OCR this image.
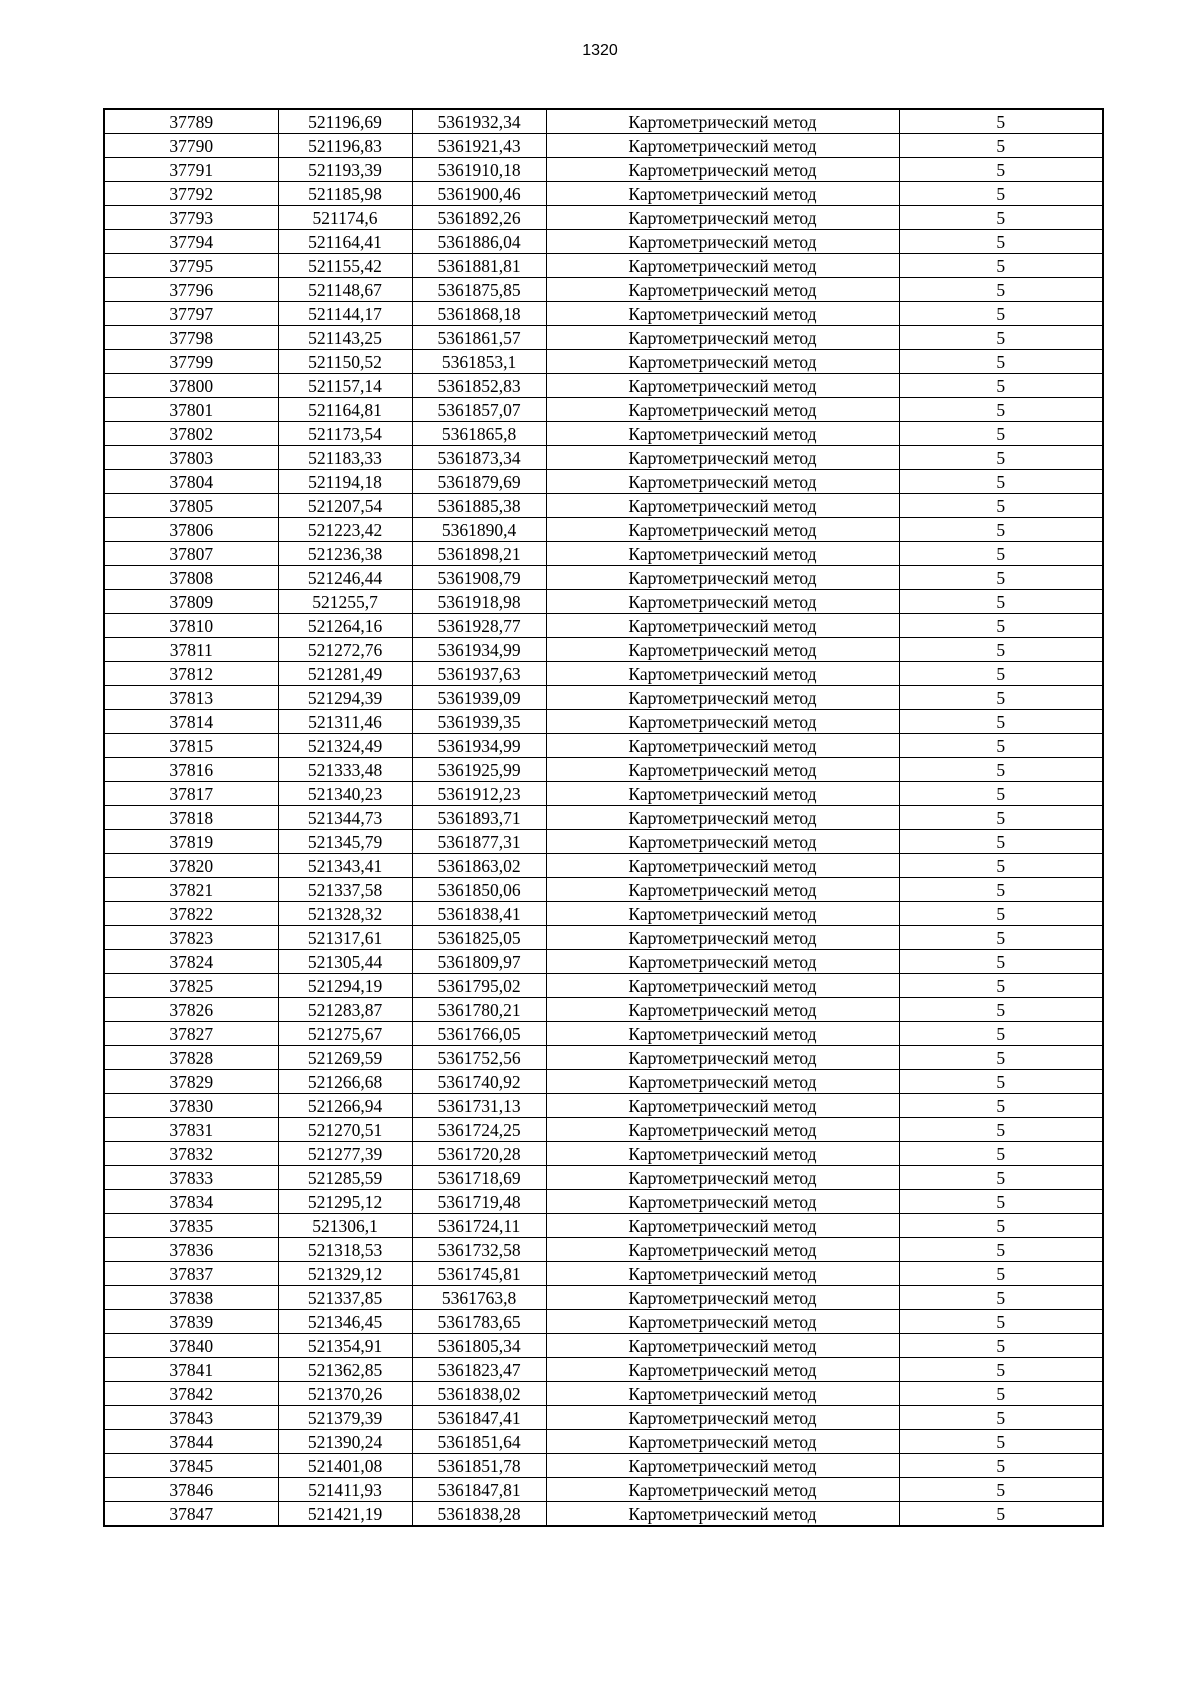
1320
37789	521196,69	5361932,34	Картометрический метод	5
37790	521196,83	5361921,43	Картометрический метод	5
37791	521193,39	5361910,18	Картометрический метод	5
37792	521185,98	5361900,46	Картометрический метод	5
37793	521174,6	5361892,26	Картометрический метод	5
37794	521164,41	5361886,04	Картометрический метод	5
37795	521155,42	5361881,81	Картометрический метод	5
37796	521148,67	5361875,85	Картометрический метод	5
37797	521144,17	5361868,18	Картометрический метод	5
37798	521143,25	5361861,57	Картометрический метод	5
37799	521150,52	5361853,1	Картометрический метод	5
37800	521157,14	5361852,83	Картометрический метод	5
37801	521164,81	5361857,07	Картометрический метод	5
37802	521173,54	5361865,8	Картометрический метод	5
37803	521183,33	5361873,34	Картометрический метод	5
37804	521194,18	5361879,69	Картометрический метод	5
37805	521207,54	5361885,38	Картометрический метод	5
37806	521223,42	5361890,4	Картометрический метод	5
37807	521236,38	5361898,21	Картометрический метод	5
37808	521246,44	5361908,79	Картометрический метод	5
37809	521255,7	5361918,98	Картометрический метод	5
37810	521264,16	5361928,77	Картометрический метод	5
37811	521272,76	5361934,99	Картометрический метод	5
37812	521281,49	5361937,63	Картометрический метод	5
37813	521294,39	5361939,09	Картометрический метод	5
37814	521311,46	5361939,35	Картометрический метод	5
37815	521324,49	5361934,99	Картометрический метод	5
37816	521333,48	5361925,99	Картометрический метод	5
37817	521340,23	5361912,23	Картометрический метод	5
37818	521344,73	5361893,71	Картометрический метод	5
37819	521345,79	5361877,31	Картометрический метод	5
37820	521343,41	5361863,02	Картометрический метод	5
37821	521337,58	5361850,06	Картометрический метод	5
37822	521328,32	5361838,41	Картометрический метод	5
37823	521317,61	5361825,05	Картометрический метод	5
37824	521305,44	5361809,97	Картометрический метод	5
37825	521294,19	5361795,02	Картометрический метод	5
37826	521283,87	5361780,21	Картометрический метод	5
37827	521275,67	5361766,05	Картометрический метод	5
37828	521269,59	5361752,56	Картометрический метод	5
37829	521266,68	5361740,92	Картометрический метод	5
37830	521266,94	5361731,13	Картометрический метод	5
37831	521270,51	5361724,25	Картометрический метод	5
37832	521277,39	5361720,28	Картометрический метод	5
37833	521285,59	5361718,69	Картометрический метод	5
37834	521295,12	5361719,48	Картометрический метод	5
37835	521306,1	5361724,11	Картометрический метод	5
37836	521318,53	5361732,58	Картометрический метод	5
37837	521329,12	5361745,81	Картометрический метод	5
37838	521337,85	5361763,8	Картометрический метод	5
37839	521346,45	5361783,65	Картометрический метод	5
37840	521354,91	5361805,34	Картометрический метод	5
37841	521362,85	5361823,47	Картометрический метод	5
37842	521370,26	5361838,02	Картометрический метод	5
37843	521379,39	5361847,41	Картометрический метод	5
37844	521390,24	5361851,64	Картометрический метод	5
37845	521401,08	5361851,78	Картометрический метод	5
37846	521411,93	5361847,81	Картометрический метод	5
37847	521421,19	5361838,28	Картометрический метод	5
